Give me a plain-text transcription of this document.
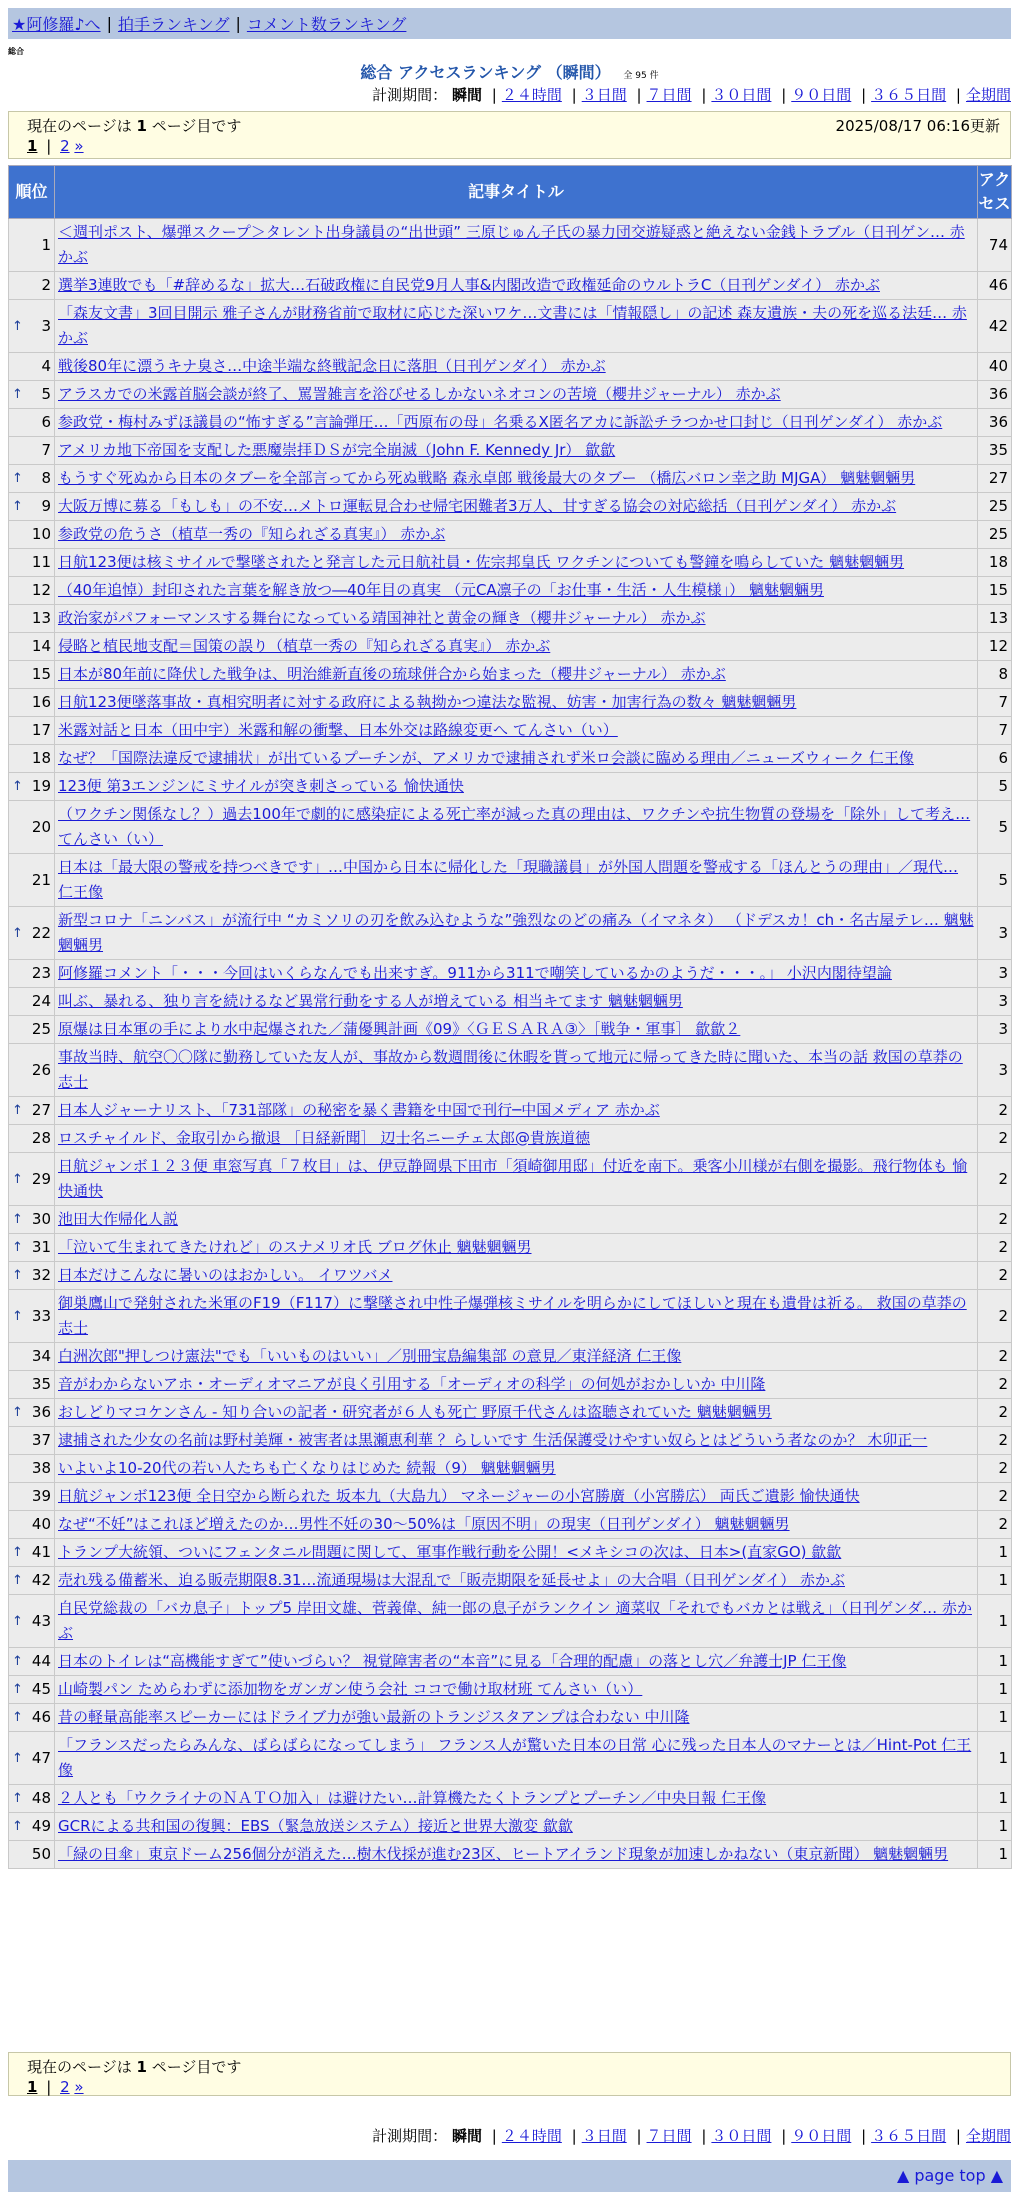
★阿修羅♪へ | 拍手ランキング | コメント数ランキング
総合
総合 アクセスランキング （瞬間） 全 95 件
計測期間： 瞬間 | ２４時間 | ３日間 | ７日間 | ３０日間 | ９０日間 | ３６５日間 | 全期間
現在のページは 1 ページ目です	2025/08/17 06:16更新
1 | 2 »
順位	記事タイトル	アクセス
1	＜週刊ポスト、爆弾スクープ＞タレント出身議員の“出世頭” 三原じゅん子氏の暴力団交遊疑惑と絶えない金銭トラブル（日刊ゲン… 赤かぶ	74
2	選挙3連敗でも「#辞めるな」拡大…石破政権に自民党9月人事&内閣改造で政権延命のウルトラC（日刊ゲンダイ） 赤かぶ	46

↑ 3	「森友文書」3回目開示 雅子さんが財務省前で取材に応じた深いワケ…文書には「情報隠し」の記述 森友遺族・夫の死を巡る法廷… 赤かぶ	42
4	戦後80年に漂うキナ臭さ…中途半端な終戦記念日に落胆（日刊ゲンダイ） 赤かぶ	40

↑ 5	アラスカでの米露首脳会談が終了、罵詈雑言を浴びせるしかないネオコンの苦境（櫻井ジャーナル） 赤かぶ	36
6	参政党・梅村みずほ議員の“怖すぎる”言論弾圧…「西原布の母」名乗るX匿名アカに訴訟チラつかせ口封じ（日刊ゲンダイ） 赤かぶ	36
7	アメリカ地下帝国を支配した悪魔崇拝ＤＳが完全崩滅（John F. Kennedy Jr） 歙歙	35

↑ 8	もうすぐ死ぬから日本のタブーを全部言ってから死ぬ戦略 森永卓郎 戦後最大のタブー （橋広バロン幸之助 MJGA） 魑魅魍魎男	27

↑ 9	大阪万博に募る「もしも」の不安…メトロ運転見合わせ帰宅困難者3万人、甘すぎる協会の対応総括（日刊ゲンダイ） 赤かぶ	25
10	参政党の危うさ（植草一秀の『知られざる真実』） 赤かぶ	25
11	日航123便は核ミサイルで撃墜されたと発言した元日航社員・佐宗邦皇氏 ワクチンについても警鐘を鳴らしていた 魑魅魍魎男	18
12	（40年追悼）封印された言葉を解き放つ―40年目の真実 （元CA凛子の「お仕事・生活・人生模様」） 魑魅魍魎男	15
13	政治家がパフォーマンスする舞台になっている靖国神社と黄金の輝き（櫻井ジャーナル） 赤かぶ	13
14	侵略と植民地支配＝国策の誤り（植草一秀の『知られざる真実』） 赤かぶ	12
15	日本が80年前に降伏した戦争は、明治維新直後の琉球併合から始まった（櫻井ジャーナル） 赤かぶ	8
16	日航123便墜落事故・真相究明者に対する政府による執拗かつ違法な監視、妨害・加害行為の数々 魑魅魍魎男	7
17	米露対話と日本（田中宇）米露和解の衝撃、日本外交は路線変更へ てんさい（い）	7
18	なぜ？「国際法違反で逮捕状」が出ているプーチンが、アメリカで逮捕されず米ロ会談に臨める理由／ニューズウィーク 仁王像	6

↑ 19	123便 第3エンジンにミサイルが突き刺さっている 愉快通快	5
20	（ワクチン関係なし？）過去100年で劇的に感染症による死亡率が減った真の理由は、ワクチンや抗生物質の登場を「除外」して考え… てんさい（い）	5
21	日本は「最大限の警戒を持つべきです」…中国から日本に帰化した「現職議員」が外国人問題を警戒する「ほんとうの理由」／現代… 仁王像	5

↑ 22	新型コロナ「ニンバス」が流行中 “カミソリの刃を飲み込むような”強烈なのどの痛み（イマネタ） （ドデスカ！ch・名古屋テレ… 魑魅魍魎男	3
23	阿修羅コメント「・・・今回はいくらなんでも出来すぎ。911から311で嘲笑しているかのようだ・・・。」 小沢内閣待望論	3
24	叫ぶ、暴れる、独り言を続けるなど異常行動をする人が増えている 相当キてます 魑魅魍魎男	3
25	原爆は日本軍の手により水中起爆された／蒲優興計画《09》〈ＧＥＳＡＲＡ③〉［戦争・軍事］ 歙歙２	3
26	事故当時、航空〇〇隊に勤務していた友人が、事故から数週間後に休暇を貰って地元に帰ってきた時に聞いた、本当の話 救国の草莽の志士	3

↑ 27	日本人ジャーナリスト、「731部隊」の秘密を暴く書籍を中国で刊行─中国メディア 赤かぶ	2
28	ロスチャイルド、金取引から撤退 ［日経新聞］ 辺士名ニーチェ太郎@貴族道徳	2

↑ 29	日航ジャンボ１２３便 車窓写真「７枚目」は、伊豆静岡県下田市「須崎御用邸」付近を南下。乗客小川様が右側を撮影。飛行物体も 愉快通快	2

↑ 30	池田大作帰化人説	2

↑ 31	「泣いて生まれてきたけれど」のスナメリオ氏 ブログ休止 魑魅魍魎男	2

↑ 32	日本だけこんなに暑いのはおかしい。 イワツバメ	2

↑ 33	御巣鷹山で発射された米軍のF19（F117）に撃墜され中性子爆弾核ミサイルを明らかにしてほしいと現在も遺骨は祈る。 救国の草莽の志士	2
34	白洲次郎"押しつけ憲法"でも「いいものはいい」／別冊宝島編集部 の意見／東洋経済 仁王像	2
35	音がわからないアホ・オーディオマニアが良く引用する「オーディオの科学」の何処がおかしいか 中川隆	2

↑ 36	おしどりマコケンさん - 知り合いの記者・研究者が６人も死亡 野原千代さんは盗聴されていた 魑魅魍魎男	2
37	逮捕された少女の名前は野村美輝・被害者は黒瀬恵利華 ？らしいです 生活保護受けやすい奴らとはどういう者なのか？ 木卯正一	2
38	いよいよ10-20代の若い人たちも亡くなりはじめた 続報（9） 魑魅魍魎男	2
39	日航ジャンボ123便 全日空から断られた 坂本九（大島九） マネージャーの小宮勝廣（小宮勝広） 両氏ご遺影 愉快通快	2
40	なぜ“不妊”はこれほど増えたのか…男性不妊の30～50%は「原因不明」の現実（日刊ゲンダイ） 魑魅魍魎男	2

↑ 41	トランプ大統領、ついにフェンタニル問題に関して、軍事作戦行動を公開！<メキシコの次は、日本>(直家GO) 歙歙	1

↑ 42	売れ残る備蓄米、迫る販売期限8.31…流通現場は大混乱で「販売期限を延長せよ」の大合唱（日刊ゲンダイ） 赤かぶ	1

↑ 43	自民党総裁の「バカ息子」トップ5 岸田文雄、菅義偉、純一郎の息子がランクイン 適菜収「それでもバカとは戦え」（日刊ゲンダ… 赤かぶ	1

↑ 44	日本のトイレは“高機能すぎて”使いづらい？ 視覚障害者の“本音”に見る「合理的配慮」の落とし穴／弁護士JP 仁王像	1

↑ 45	山崎製パン ためらわずに添加物をガンガン使う会社 ココで働け取材班 てんさい（い）	1

↑ 46	昔の軽量高能率スピーカーにはドライブ力が強い最新のトランジスタアンプは合わない 中川隆	1

↑ 47	「フランスだったらみんな、ばらばらになってしまう」 フランス人が驚いた日本の日常 心に残った日本人のマナーとは／Hint-Pot 仁王像	1

↑ 48	２人とも「ウクライナのＮＡＴＯ加入」は避けたい…計算機たたくトランプとプーチン／中央日報 仁王像	1

↑ 49	GCRによる共和国の復興：EBS（緊急放送システム）接近と世界大激変 歙歙	1
50	「緑の日傘」東京ドーム256個分が消えた…樹木伐採が進む23区、ヒートアイランド現象が加速しかねない（東京新聞） 魑魅魍魎男	1
計測期間： 瞬間 | ２４時間 | ３日間 | ７日間 | ３０日間 | ９０日間 | ３６５日間 | 全期間
現在のページは 1 ページ目です
1 | 2 »
▲ page top ▲
